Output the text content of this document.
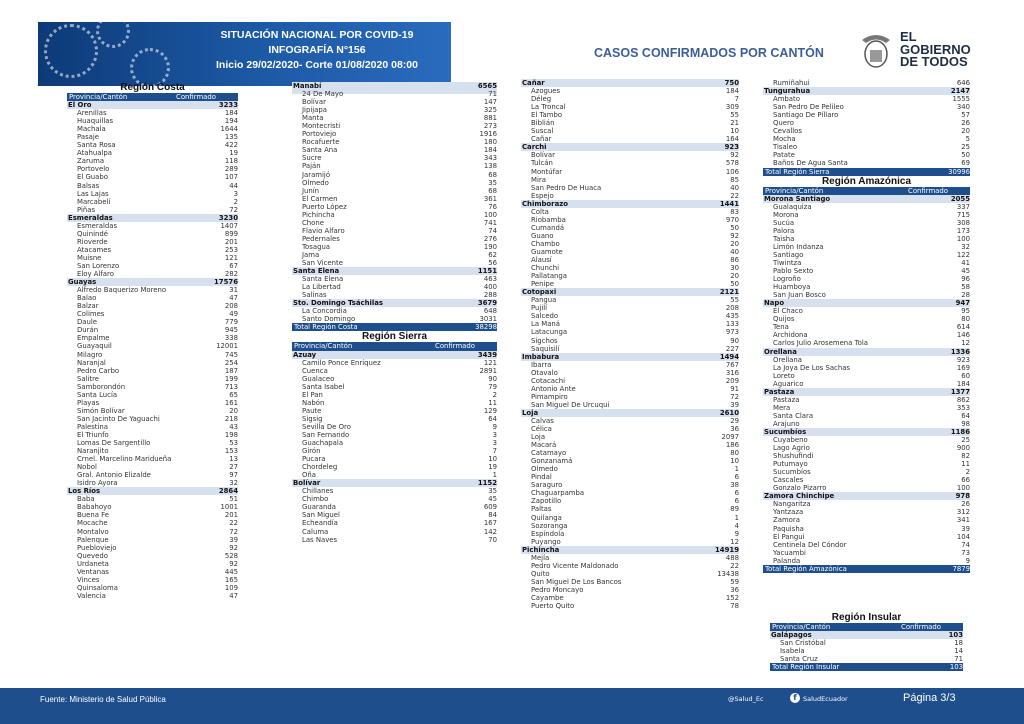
SITUACIÓN NACIONAL POR COVID-19
INFOGRAFÍA N°156
Inicio 29/02/2020- Corte 01/08/2020 08:00
CASOS CONFIRMADOS POR CANTÓN
EL
GOBIERNO
DE TODOS
Región Costa
Provincia/Cantón	Confirmado
El Oro	3233
Arenillas	184
Huaquillas	194
Machala	1644
Pasaje	135
Santa Rosa	422
Atahualpa	19
Zaruma	118
Portovelo	289
El Guabo	107
Balsas	44
Las Lajas	3
Marcabelí	2
Piñas	72
Esmeraldas	3230
Esmeraldas	1407
Quinindé	899
Rioverde	201
Atacames	253
Muisne	121
San Lorenzo	67
Eloy Alfaro	282
Guayas	17576
Alfredo Baquerizo Moreno	31
Balao	47
Balzar	208
Colimes	49
Daule	779
Durán	945
Empalme	338
Guayaquil	12001
Milagro	745
Naranjal	254
Pedro Carbo	187
Salitre	199
Samborondón	713
Santa Lucía	65
Playas	161
Simón Bolívar	20
San Jacinto De Yaguachi	218
Palestina	43
El Triunfo	198
Lomas De Sargentillo	53
Naranjito	153
Crnel. Marcelino Maridueña	13
Nobol	27
Gral. Antonio Elizalde	97
Isidro Ayora	32
Los Ríos	2864
Baba	51
Babahoyo	1001
Buena Fe	201
Mocache	22
Montalvo	72
Palenque	39
Puebloviejo	92
Quevedo	528
Urdaneta	92
Ventanas	445
Vinces	165
Quinsaloma	109
Valencia	47
Manabí	6565
24 De Mayo	71
Bolívar	147
Jipijapa	325
Manta	881
Montecristi	273
Portoviejo	1916
Rocafuerte	180
Santa Ana	184
Sucre	343
Paján	138
Jaramijó	68
Olmedo	35
Junín	68
El Carmen	361
Puerto López	76
Pichincha	100
Chone	741
Flavio Alfaro	74
Pedernales	276
Tosagua	190
Jama	62
San Vicente	56
Santa Elena	1151
Santa Elena	463
La Libertad	400
Salinas	288
Sto. Domingo Tsáchilas	3679
La Concordia	648
Santo Domingo	3031
Total Región Costa	38298
Región Sierra
Provincia/Cantón	Confirmado
Azuay	3439
Camilo Ponce Enríquez	121
Cuenca	2891
Gualaceo	90
Santa Isabel	79
El Pan	2
Nabón	11
Paute	129
Sigsig	64
Sevilla De Oro	9
San Fernando	3
Guachapala	3
Girón	7
Pucara	10
Chordeleg	19
Oña	1
Bolívar	1152
Chillanes	35
Chimbo	45
Guaranda	609
San Miguel	84
Echeandía	167
Caluma	142
Las Naves	70
Cañar	750
Azogues	184
Déleg	7
La Troncal	309
El Tambo	55
Biblián	21
Suscal	10
Cañar	164
Carchi	923
Bolívar	92
Tulcán	578
Montúfar	106
Mira	85
San Pedro De Huaca	40
Espejo	22
Chimborazo	1441
Colta	83
Riobamba	970
Cumandá	50
Guano	92
Chambo	20
Guamote	40
Alausí	86
Chunchi	30
Pallatanga	20
Penipe	50
Cotopaxi	2121
Pangua	55
Pujilí	208
Salcedo	435
La Maná	133
Latacunga	973
Sigchos	90
Saquisilí	227
Imbabura	1494
Ibarra	767
Otavalo	316
Cotacachi	209
Antonio Ante	91
Pimampiro	72
San Miguel De Urcuquí	39
Loja	2610
Calvas	29
Célica	36
Loja	2097
Macará	186
Catamayo	80
Gonzanamá	10
Olmedo	1
Pindal	6
Saraguro	38
Chaguarpamba	6
Zapotillo	6
Paltas	89
Quilanga	1
Sozoranga	4
Espíndola	9
Puyango	12
Pichincha	14919
Mejía	488
Pedro Vicente Maldonado	22
Quito	13438
San Miguel De Los Bancos	59
Pedro Moncayo	36
Cayambe	152
Puerto Quito	78
Rumiñahui	646
Tungurahua	2147
Ambato	1555
San Pedro De Pelileo	340
Santiago De Píllaro	57
Quero	26
Cevallos	20
Mocha	5
Tisaleo	25
Patate	50
Baños De Agua Santa	69
Total Región Sierra	30996
Región Amazónica
Provincia/Cantón	Confirmado
Morona Santiago	2055
Gualaquiza	337
Morona	715
Sucúa	308
Palora	173
Taisha	100
Limón Indanza	32
Santiago	122
Tiwintza	41
Pablo Sexto	45
Logroño	96
Huamboya	58
San Juan Bosco	28
Napo	947
El Chaco	95
Quijos	80
Tena	614
Archidona	146
Carlos Julio Arosemena Tola	12
Orellana	1336
Orellana	923
La Joya De Los Sachas	169
Loreto	60
Aguarico	184
Pastaza	1377
Pastaza	862
Mera	353
Santa Clara	64
Arajuno	98
Sucumbíos	1186
Cuyabeno	25
Lago Agrio	900
Shushufindi	82
Putumayo	11
Sucumbíos	2
Cascales	66
Gonzalo Pizarro	100
Zamora Chinchipe	978
Nangaritza	26
Yantzaza	312
Zamora	341
Paquisha	39
El Pangui	104
Centinela Del Cóndor	74
Yacuambi	73
Palanda	9
Total Región Amazónica	7879
Región Insular
Provincia/Cantón	Confirmado
Galápagos	103
San Cristóbal	18
Isabela	14
Santa Cruz	71
Total Región Insular	103
Fuente: Ministerio de Salud Pública	@Salud_Ec	f SaludEcuador	Página 3/3
